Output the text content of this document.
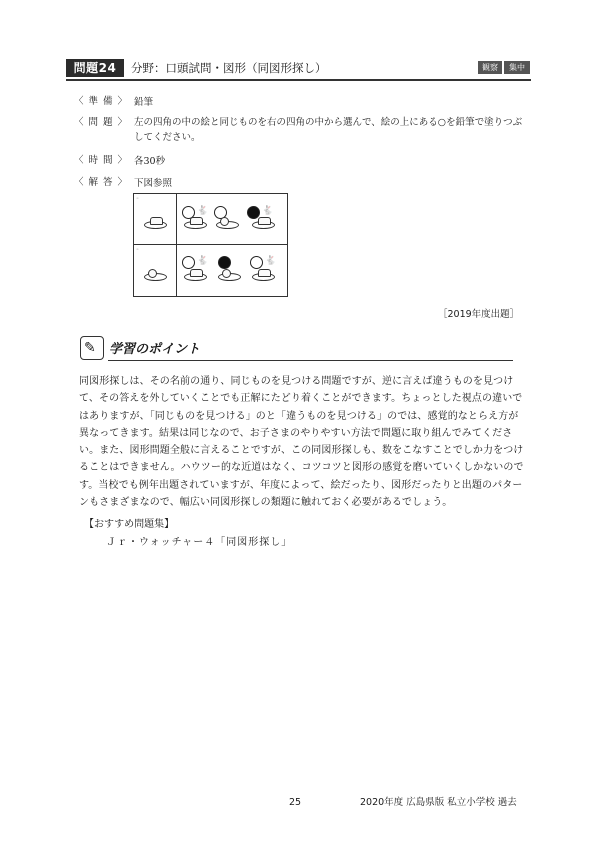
問題24	分野：口頭試問・図形（同図形探し）	観察	集中
〈 準 備 〉 鉛筆
〈 問 題 〉 左の四角の中の絵と同じものを右の四角の中から選んで、絵の上にある○を鉛筆で塗りつぶしてください。
〈 時 間 〉 各30秒
〈 解 答 〉 下図参照
◦
🐇	🐇
◦
🐇	🐇
［2019年度出題］
✎ 学習のポイント
同図形探しは、その名前の通り、同じものを見つける問題ですが、逆に言えば違うものを見つけて、その答えを外していくことでも正解にたどり着くことができます。ちょっとした視点の違いではありますが、「同じものを見つける」のと「違うものを見つける」のでは、感覚的なとらえ方が異なってきます。結果は同じなので、お子さまのやりやすい方法で問題に取り組んでみてください。また、図形問題全般に言えることですが、この同図形探しも、数をこなすことでしか力をつけることはできません。ハウツー的な近道はなく、コツコツと図形の感覚を磨いていくしかないのです。当校でも例年出題されていますが、年度によって、絵だったり、図形だったりと出題のパターンもさまざまなので、幅広い同図形探しの類題に触れておく必要があるでしょう。
【おすすめ問題集】
Ｊｒ・ウォッチャー４「同図形探し」
25	2020年度 広島県版 私立小学校 過去
